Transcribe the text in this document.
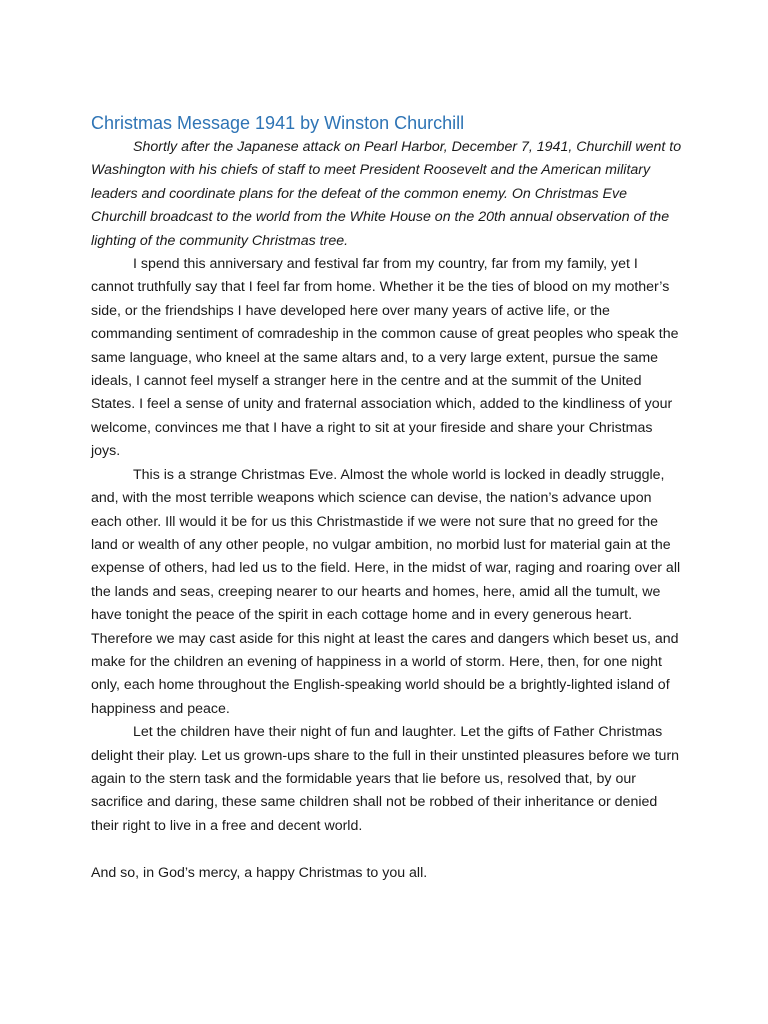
Christmas Message 1941 by Winston Churchill

Shortly after the Japanese attack on Pearl Harbor, December 7, 1941, Churchill went to Washington with his chiefs of staff to meet President Roosevelt and the American military leaders and coordinate plans for the defeat of the common enemy. On Christmas Eve Churchill broadcast to the world from the White House on the 20th annual observation of the lighting of the community Christmas tree.

I spend this anniversary and festival far from my country, far from my family, yet I cannot truthfully say that I feel far from home. Whether it be the ties of blood on my mother’s side, or the friendships I have developed here over many years of active life, or the commanding sentiment of comradeship in the common cause of great peoples who speak the same language, who kneel at the same altars and, to a very large extent, pursue the same ideals, I cannot feel myself a stranger here in the centre and at the summit of the United States. I feel a sense of unity and fraternal association which, added to the kindliness of your welcome, convinces me that I have a right to sit at your fireside and share your Christmas joys.

This is a strange Christmas Eve. Almost the whole world is locked in deadly struggle, and, with the most terrible weapons which science can devise, the nation’s advance upon each other. Ill would it be for us this Christmastide if we were not sure that no greed for the land or wealth of any other people, no vulgar ambition, no morbid lust for material gain at the expense of others, had led us to the field. Here, in the midst of war, raging and roaring over all the lands and seas, creeping nearer to our hearts and homes, here, amid all the tumult, we have tonight the peace of the spirit in each cottage home and in every generous heart. Therefore we may cast aside for this night at least the cares and dangers which beset us, and make for the children an evening of happiness in a world of storm. Here, then, for one night only, each home throughout the English-speaking world should be a brightly-lighted island of happiness and peace.

Let the children have their night of fun and laughter. Let the gifts of Father Christmas delight their play. Let us grown-ups share to the full in their unstinted pleasures before we turn again to the stern task and the formidable years that lie before us, resolved that, by our sacrifice and daring, these same children shall not be robbed of their inheritance or denied their right to live in a free and decent world.

And so, in God’s mercy, a happy Christmas to you all.
